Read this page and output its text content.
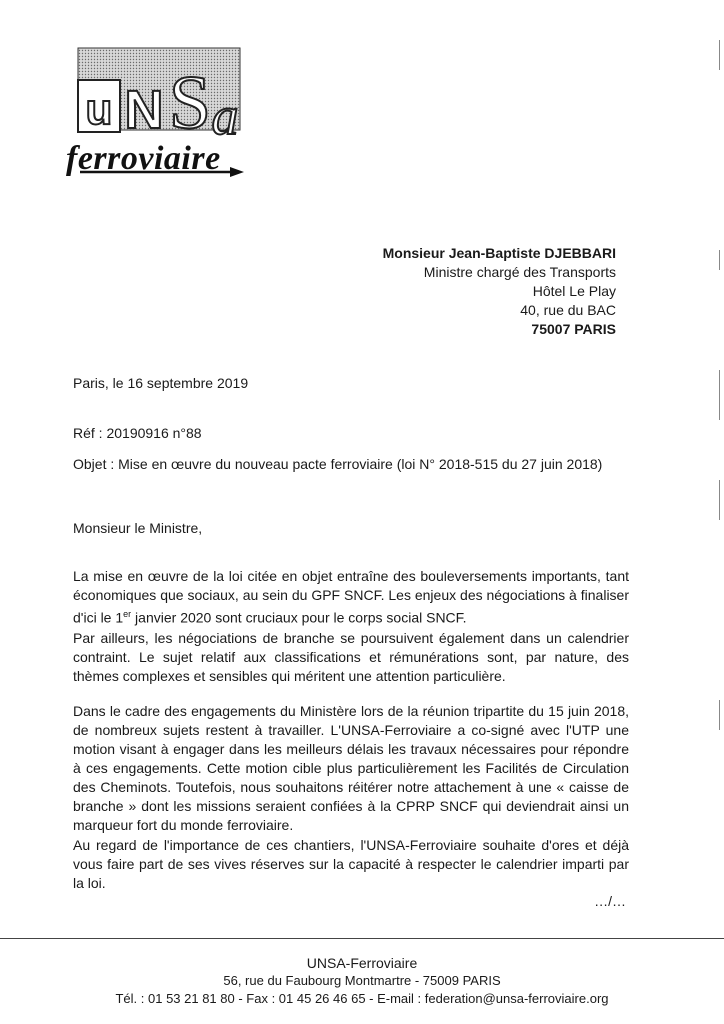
u N S a
ferroviaire
Monsieur Jean-Baptiste DJEBBARI
Ministre chargé des Transports
Hôtel Le Play
40, rue du BAC
75007 PARIS
Paris, le 16 septembre 2019
Réf : 20190916 n°88
Objet : Mise en œuvre du nouveau pacte ferroviaire (loi N° 2018-515 du 27 juin 2018)
Monsieur le Ministre,

La mise en œuvre de la loi citée en objet entraîne des bouleversements importants, tant économiques que sociaux, au sein du GPF SNCF. Les enjeux des négociations à finaliser d'ici le 1er janvier 2020 sont cruciaux pour le corps social SNCF.

Par ailleurs, les négociations de branche se poursuivent également dans un calendrier contraint. Le sujet relatif aux classifications et rémunérations sont, par nature, des thèmes complexes et sensibles qui méritent une attention particulière.

Dans le cadre des engagements du Ministère lors de la réunion tripartite du 15 juin 2018, de nombreux sujets restent à travailler. L'UNSA-Ferroviaire a co-signé avec l'UTP une motion visant à engager dans les meilleurs délais les travaux nécessaires pour répondre à ces engagements. Cette motion cible plus particulièrement les Facilités de Circulation des Cheminots. Toutefois, nous souhaitons réitérer notre attachement à une « caisse de branche » dont les missions seraient confiées à la CPRP SNCF qui deviendrait ainsi un marqueur fort du monde ferroviaire.

Au regard de l'importance de ces chantiers, l'UNSA-Ferroviaire souhaite d'ores et déjà vous faire part de ses vives réserves sur la capacité à respecter le calendrier imparti par la loi.

…/…
UNSA-Ferroviaire
56, rue du Faubourg Montmartre - 75009 PARIS
Tél. : 01 53 21 81 80 - Fax : 01 45 26 46 65 - E-mail : federation@unsa-ferroviaire.org
